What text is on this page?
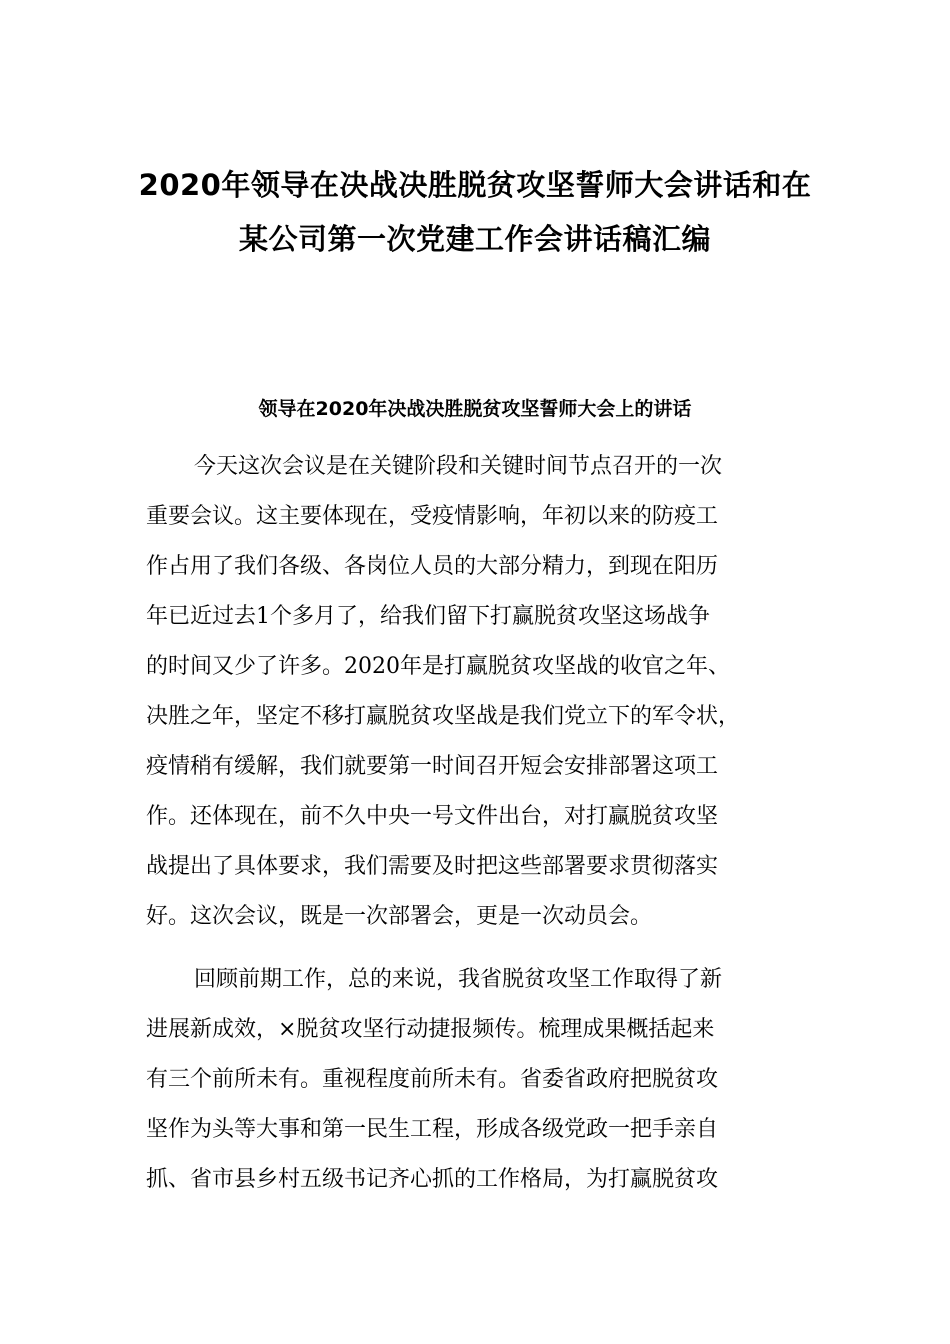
2020年领导在决战决胜脱贫攻坚誓师大会讲话和在
某公司第一次党建工作会讲话稿汇编
领导在2020年决战决胜脱贫攻坚誓师大会上的讲话
今天这次会议是在关键阶段和关键时间节点召开的一次
重要会议。这主要体现在，受疫情影响，年初以来的防疫工
作占用了我们各级、各岗位人员的大部分精力，到现在阳历
年已近过去1个多月了，给我们留下打赢脱贫攻坚这场战争
的时间又少了许多。2020年是打赢脱贫攻坚战的收官之年、
决胜之年，坚定不移打赢脱贫攻坚战是我们党立下的军令状，
疫情稍有缓解，我们就要第一时间召开短会安排部署这项工
作。还体现在，前不久中央一号文件出台，对打赢脱贫攻坚
战提出了具体要求，我们需要及时把这些部署要求贯彻落实
好。这次会议，既是一次部署会，更是一次动员会。
回顾前期工作，总的来说，我省脱贫攻坚工作取得了新
进展新成效，×脱贫攻坚行动捷报频传。梳理成果概括起来
有三个前所未有。重视程度前所未有。省委省政府把脱贫攻
坚作为头等大事和第一民生工程，形成各级党政一把手亲自
抓、省市县乡村五级书记齐心抓的工作格局，为打赢脱贫攻
